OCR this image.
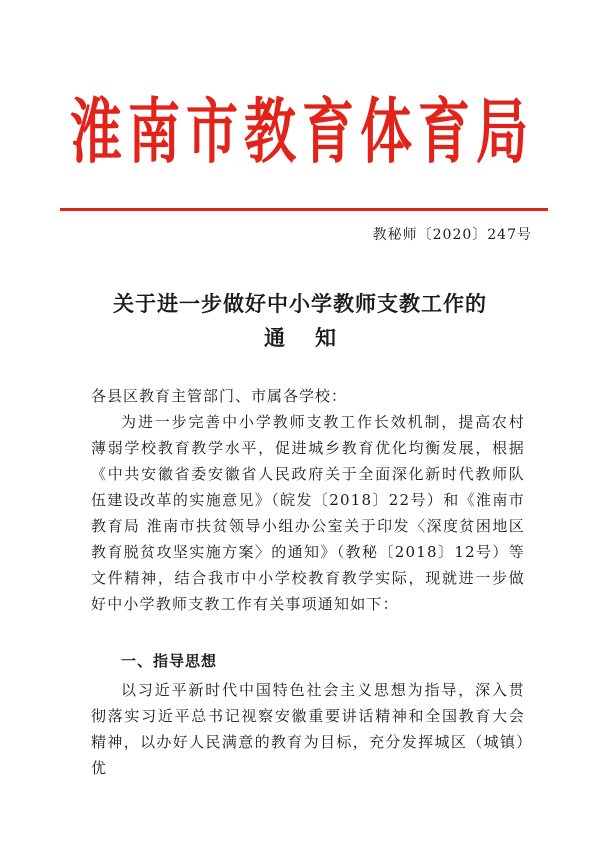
淮南市教育体育局
教秘师〔2020〕247号
关于进一步做好中小学教师支教工作的
通知
各县区教育主管部门、市属各学校：
为进一步完善中小学教师支教工作长效机制，提高农村薄弱学校教育教学水平，促进城乡教育优化均衡发展，根据《中共安徽省委安徽省人民政府关于全面深化新时代教师队伍建设改革的实施意见》（皖发〔2018〕22号）和《淮南市教育局 淮南市扶贫领导小组办公室关于印发〈深度贫困地区教育脱贫攻坚实施方案〉的通知》（教秘〔2018〕12号）等文件精神，结合我市中小学校教育教学实际，现就进一步做好中小学教师支教工作有关事项通知如下：
一、指导思想
以习近平新时代中国特色社会主义思想为指导，深入贯彻落实习近平总书记视察安徽重要讲话精神和全国教育大会精神，以办好人民满意的教育为目标，充分发挥城区（城镇）优
